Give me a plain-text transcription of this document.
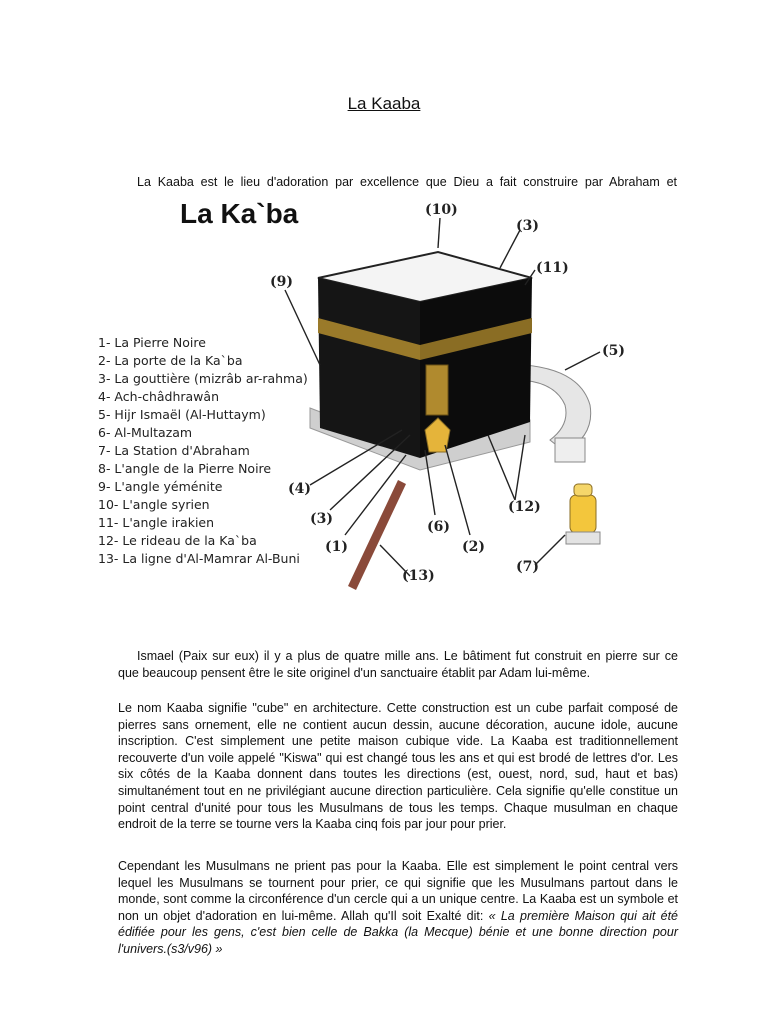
La Kaaba
La Kaaba est le lieu d'adoration par excellence que Dieu a fait construire par Abraham et
La Ka`ba
1- La Pierre Noire
2- La porte de la Ka`ba
3- La gouttière (mizrâb ar-rahma)
4- Ach-châdhrawân
5- Hijr Ismaël (Al-Huttaym)
6- Al-Multazam
7- La Station d'Abraham
8- L'angle de la Pierre Noire
9- L'angle yéménite
10- L'angle syrien
11- L'angle irakien
12- Le rideau de la Ka`ba
13- La ligne d'Al-Mamrar Al-Buni
(10)
(3)
(11)
(9)
(5)
(4)
(3)
(1)
(6)
(2)
(12)
(7)
(13)

Ismael (Paix sur eux) il y a plus de quatre mille ans. Le bâtiment fut construit en pierre sur ce
que beaucoup pensent être le site originel d'un sanctuaire établit par Adam lui-même.

Le nom Kaaba signifie "cube" en architecture. Cette construction est un cube parfait composé de pierres sans ornement, elle ne contient aucun dessin, aucune décoration, aucune idole, aucune inscription. C'est simplement une petite maison cubique vide. La Kaaba est traditionnellement recouverte d'un voile appelé "Kiswa" qui est changé tous les ans et qui est brodé de lettres d'or. Les six côtés de la Kaaba donnent dans toutes les directions (est, ouest, nord, sud, haut et bas) simultanément tout en ne privilégiant aucune direction particulière. Cela signifie qu'elle constitue un point central d'unité pour tous les Musulmans de tous les temps. Chaque musulman en chaque endroit de la terre se tourne vers la Kaaba cinq fois par jour pour prier.

Cependant les Musulmans ne prient pas pour la Kaaba. Elle est simplement le point central vers lequel les Musulmans se tournent pour prier, ce qui signifie que les Musulmans partout dans le monde, sont comme la circonférence d'un cercle qui a un unique centre. La Kaaba est un symbole et non un objet d'adoration en lui-même. Allah qu'Il soit Exalté dit: « La première Maison qui ait été édifiée pour les gens, c'est bien celle de Bakka (la Mecque) bénie et une bonne direction pour l'univers.(s3/v96) »
